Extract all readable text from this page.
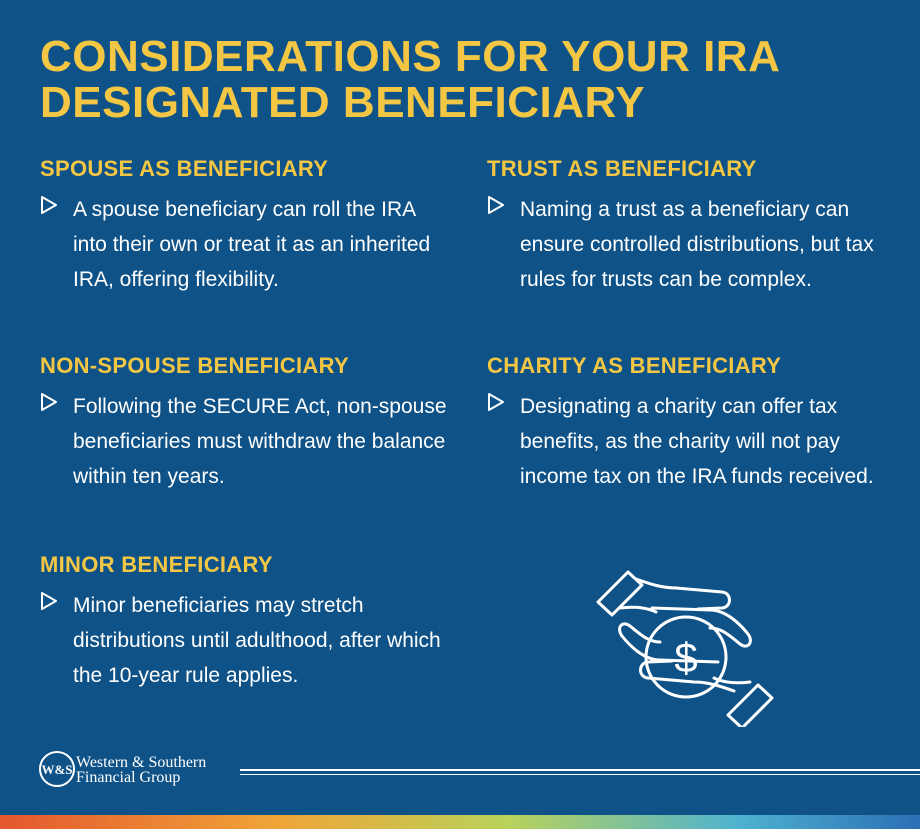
CONSIDERATIONS FOR YOUR IRA
DESIGNATED BENEFICIARY
SPOUSE AS BENEFICIARY

A spouse beneficiary can roll the IRA into their own or treat it as an inherited IRA, offering flexibility.

NON-SPOUSE BENEFICIARY

Following the SECURE Act, non-spouse beneficiaries must withdraw the balance within ten years.

MINOR BENEFICIARY

Minor beneficiaries may stretch distributions until adulthood, after which the 10-year rule applies.

TRUST AS BENEFICIARY

Naming a trust as a beneficiary can ensure controlled distributions, but tax rules for trusts can be complex.

CHARITY AS BENEFICIARY

Designating a charity can offer tax benefits, as the charity will not pay income tax on the IRA funds received.

$
W&S Western & Southern
Financial Group
